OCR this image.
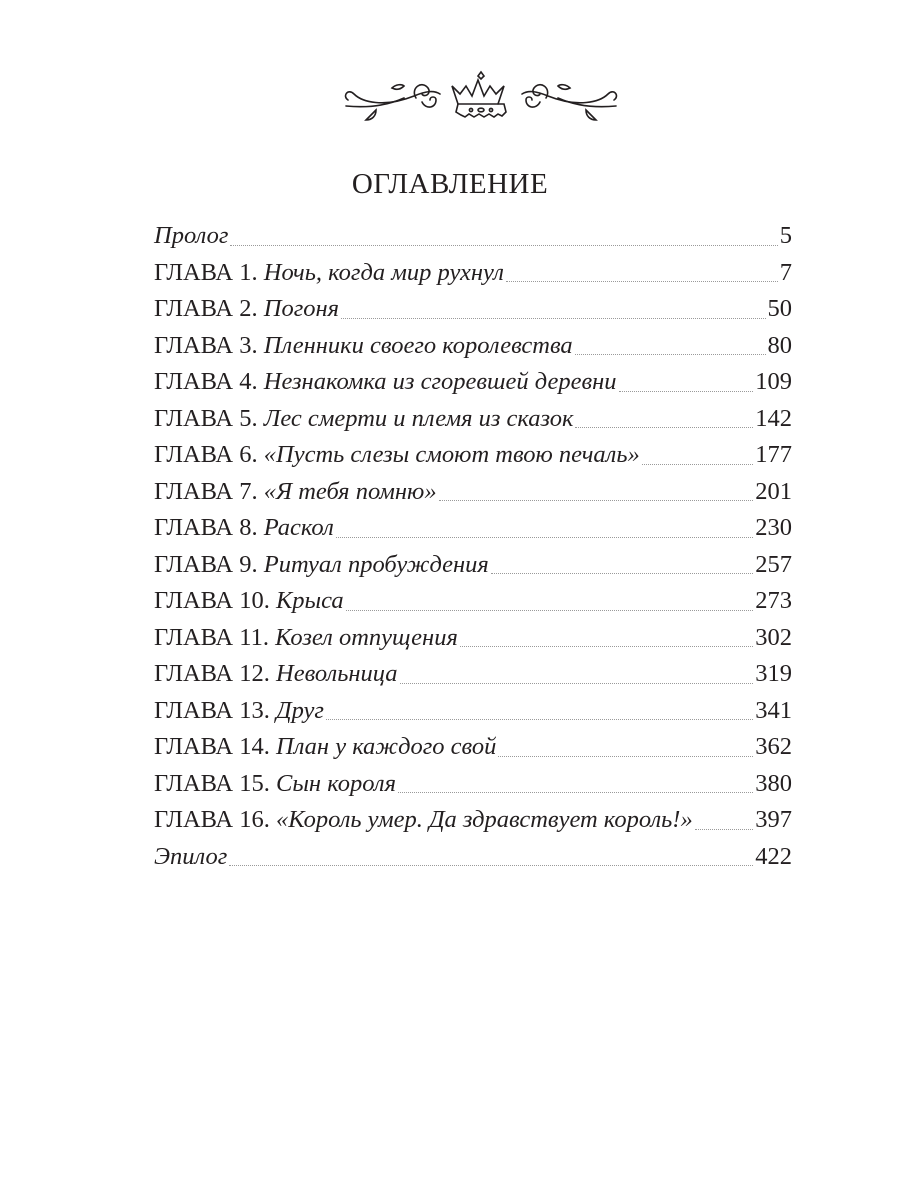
ОГЛАВЛЕНИЕ
Пролог	5
ГЛАВА 1. Ночь, когда мир рухнул	7
ГЛАВА 2. Погоня	50
ГЛАВА 3. Пленники своего королевства	80
ГЛАВА 4. Незнакомка из сгоревшей деревни	109
ГЛАВА 5. Лес смерти и племя из сказок	142
ГЛАВА 6. «Пусть слезы смоют твою печаль»	177
ГЛАВА 7. «Я тебя помню»	201
ГЛАВА 8. Раскол	230
ГЛАВА 9. Ритуал пробуждения	257
ГЛАВА 10. Крыса	273
ГЛАВА 11. Козел отпущения	302
ГЛАВА 12. Невольница	319
ГЛАВА 13. Друг	341
ГЛАВА 14. План у каждого свой	362
ГЛАВА 15. Сын короля	380
ГЛАВА 16. «Король умер. Да здравствует король!»	397
Эпилог	422
